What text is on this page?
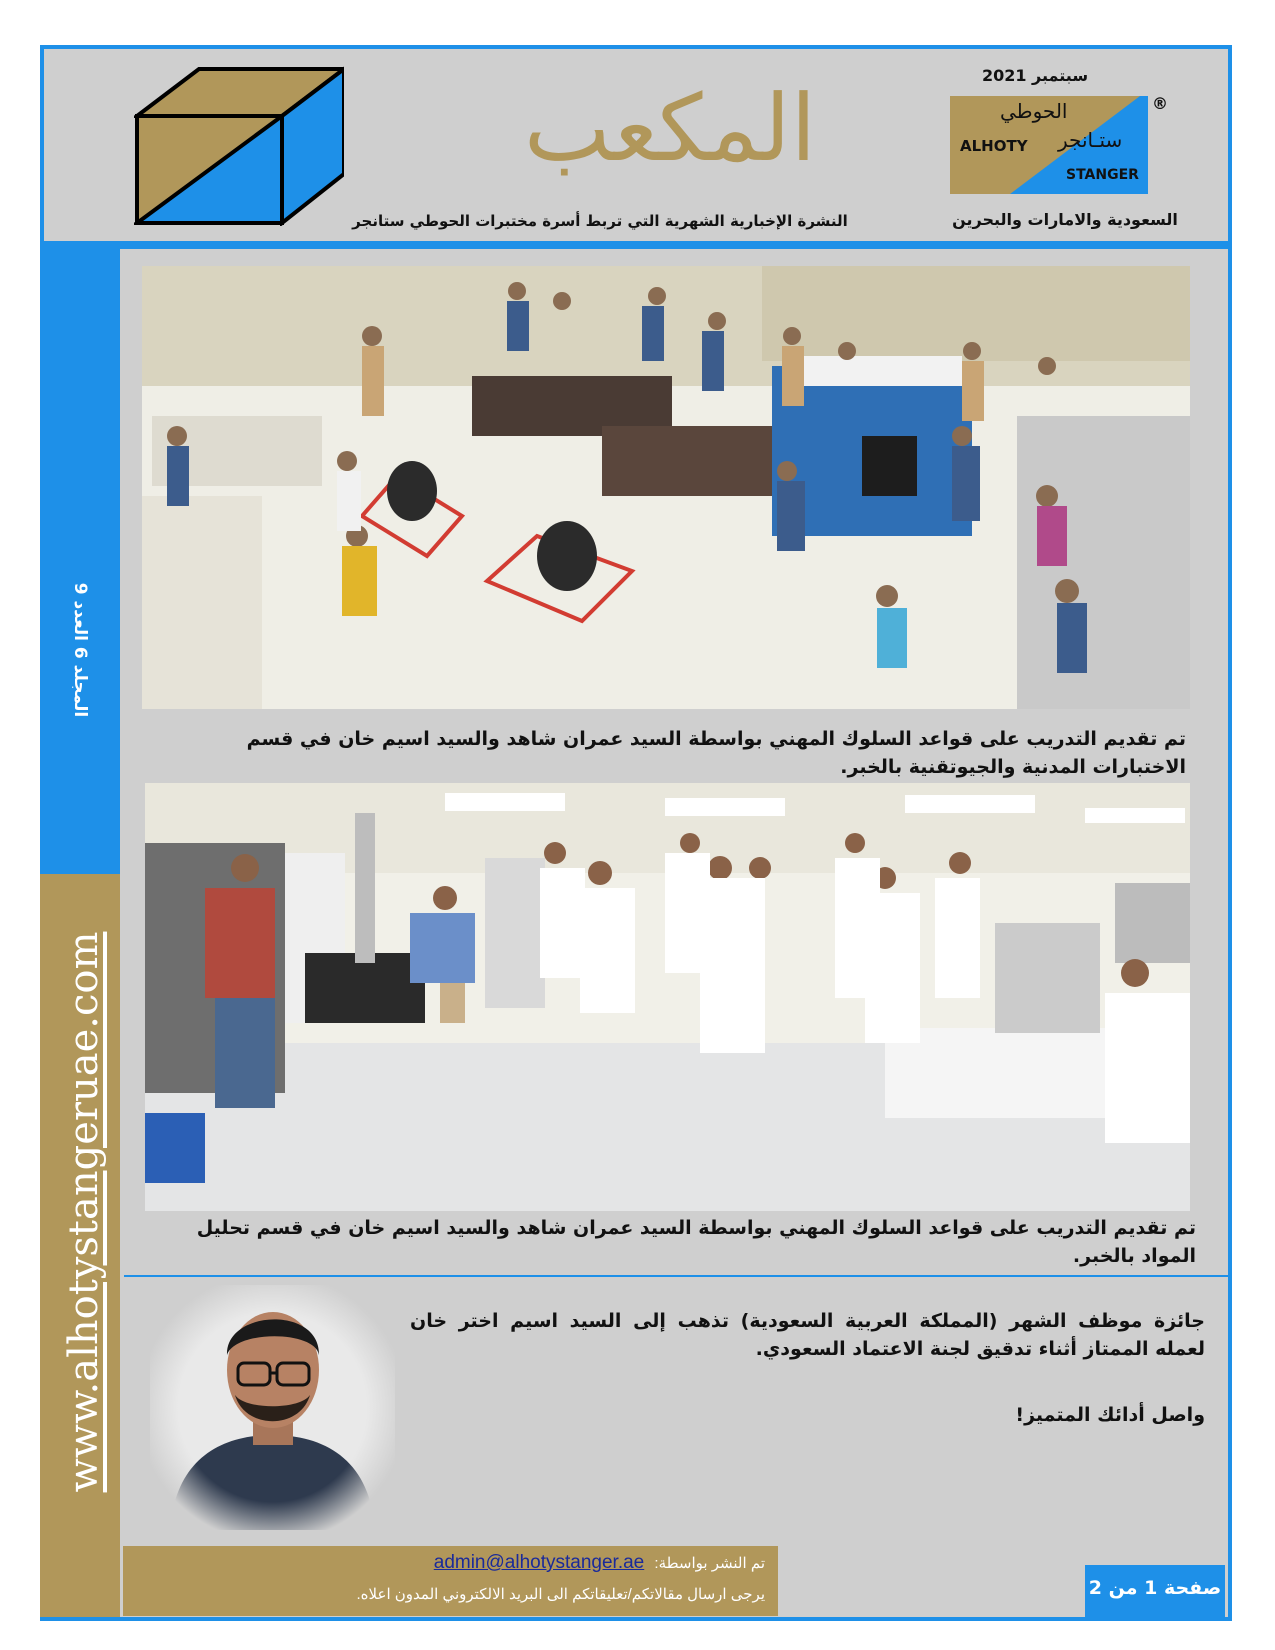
المجلد 6 العدد 9
www.alhotystangeruae.com
المكعب
النشرة الإخبارية الشهرية التي تربط أسرة مختبرات الحوطي ستانجر
سبتمبر 2021
الحوطي
ALHOTY ستـانجر
STANGER
®
السعودية والامارات والبحرين
تم تقديم التدريب على قواعد السلوك المهني بواسطة السيد عمران شاهد والسيد اسيم خان في قسم الاختبارات المدنية والجيوتقنية بالخبر.
تم تقديم التدريب على قواعد السلوك المهني بواسطة السيد عمران شاهد والسيد اسيم خان في قسم تحليل المواد بالخبر.
جائزة موظف الشهر (المملكة العربية السعودية) تذهب إلى السيد اسيم اختر خان لعمله الممتاز أثناء تدقيق لجنة الاعتماد السعودي.
واصل أدائك المتميز!
تم النشر بواسطة: admin@alhotystanger.ae
يرجى ارسال مقالاتكم/تعليقاتكم الى البريد الالكتروني المدون اعلاه.	صفحة 1 من 2
